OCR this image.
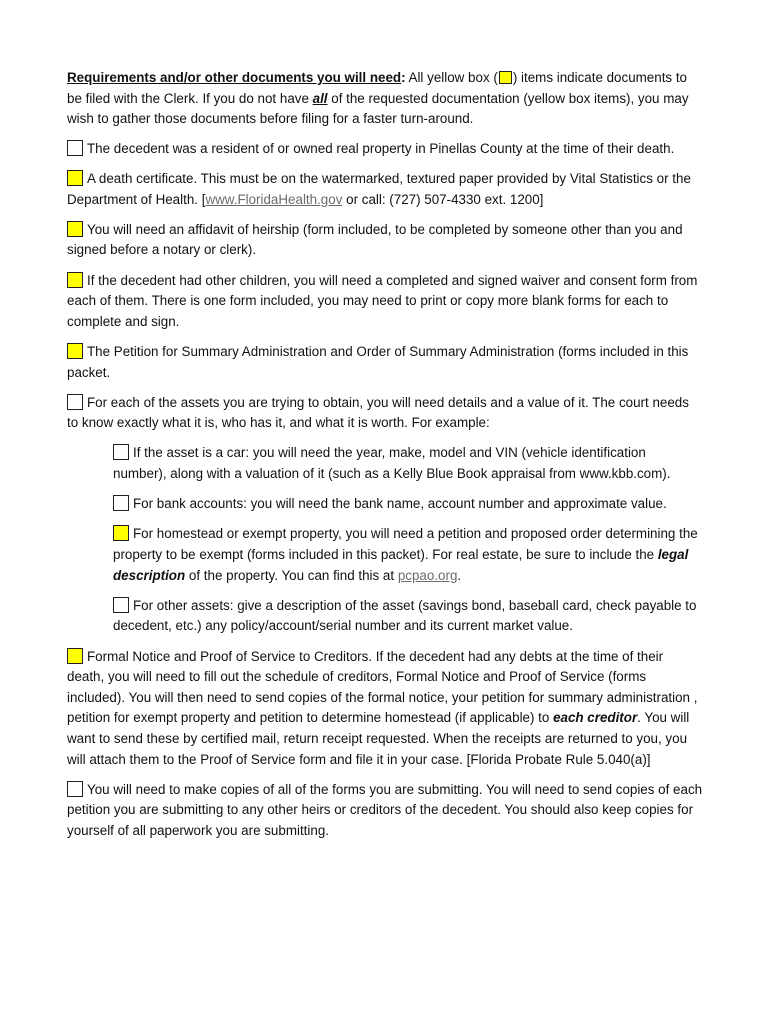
Requirements and/or other documents you will need: All yellow box ( ) items indicate documents to be filed with the Clerk. If you do not have all of the requested documentation (yellow box items), you may wish to gather those documents before filing for a faster turn-around.

The decedent was a resident of or owned real property in Pinellas County at the time of their death.

A death certificate. This must be on the watermarked, textured paper provided by Vital Statistics or the Department of Health. [www.FloridaHealth.gov or call: (727) 507-4330 ext. 1200]

You will need an affidavit of heirship (form included, to be completed by someone other than you and signed before a notary or clerk).

If the decedent had other children, you will need a completed and signed waiver and consent form from each of them. There is one form included, you may need to print or copy more blank forms for each to complete and sign.

The Petition for Summary Administration and Order of Summary Administration (forms included in this packet.

For each of the assets you are trying to obtain, you will need details and a value of it. The court needs to know exactly what it is, who has it, and what it is worth. For example:

If the asset is a car: you will need the year, make, model and VIN (vehicle identification number), along with a valuation of it (such as a Kelly Blue Book appraisal from www.kbb.com).

For bank accounts: you will need the bank name, account number and approximate value.

For homestead or exempt property, you will need a petition and proposed order determining the property to be exempt (forms included in this packet). For real estate, be sure to include the legal description of the property. You can find this at pcpao.org.

For other assets: give a description of the asset (savings bond, baseball card, check payable to decedent, etc.) any policy/account/serial number and its current market value.

Formal Notice and Proof of Service to Creditors. If the decedent had any debts at the time of their death, you will need to fill out the schedule of creditors, Formal Notice and Proof of Service (forms included). You will then need to send copies of the formal notice, your petition for summary administration , petition for exempt property and petition to determine homestead (if applicable) to each creditor. You will want to send these by certified mail, return receipt requested. When the receipts are returned to you, you will attach them to the Proof of Service form and file it in your case. [Florida Probate Rule 5.040(a)]

You will need to make copies of all of the forms you are submitting. You will need to send copies of each petition you are submitting to any other heirs or creditors of the decedent. You should also keep copies for yourself of all paperwork you are submitting.
